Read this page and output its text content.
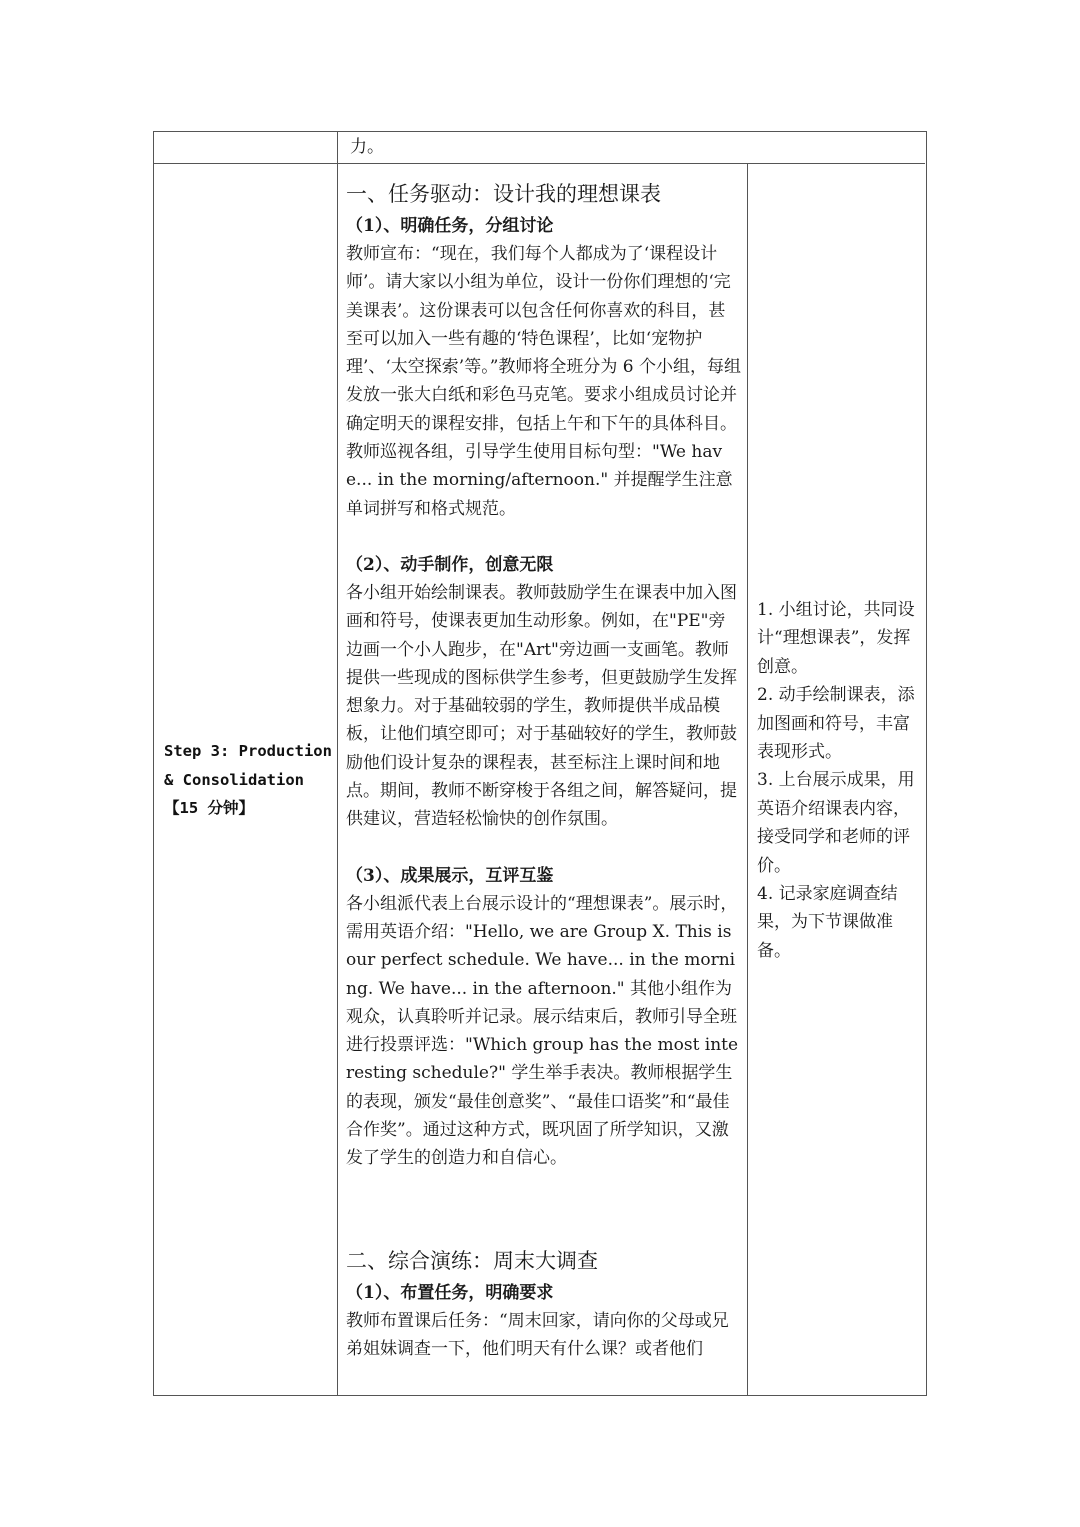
力。
Step 3: Production
& Consolidation
【15 分钟】

一、任务驱动：设计我的理想课表

（1）、明确任务，分组讨论

教师宣布：“现在，我们每个人都成为了‘课程设计师’。请大家以小组为单位，设计一份你们理想的‘完美课表’。这份课表可以包含任何你喜欢的科目，甚至可以加入一些有趣的‘特色课程’，比如‘宠物护理’、‘太空探索’等。”教师将全班分为 6 个小组，每组发放一张大白纸和彩色马克笔。要求小组成员讨论并确定明天的课程安排，包括上午和下午的具体科目。教师巡视各组，引导学生使用目标句型："We have... in the morning/afternoon." 并提醒学生注意单词拼写和格式规范。

（2）、动手制作，创意无限

各小组开始绘制课表。教师鼓励学生在课表中加入图画和符号，使课表更加生动形象。例如，在"PE"旁边画一个小人跑步，在"Art"旁边画一支画笔。教师提供一些现成的图标供学生参考，但更鼓励学生发挥想象力。对于基础较弱的学生，教师提供半成品模板，让他们填空即可；对于基础较好的学生，教师鼓励他们设计复杂的课程表，甚至标注上课时间和地点。期间，教师不断穿梭于各组之间，解答疑问，提供建议，营造轻松愉快的创作氛围。

（3）、成果展示，互评互鉴

各小组派代表上台展示设计的“理想课表”。展示时，需用英语介绍："Hello, we are Group X. This is our perfect schedule. We have... in the morning. We have... in the afternoon." 其他小组作为观众，认真聆听并记录。展示结束后，教师引导全班进行投票评选："Which group has the most interesting schedule?" 学生举手表决。教师根据学生的表现，颁发“最佳创意奖”、“最佳口语奖”和“最佳合作奖”。通过这种方式，既巩固了所学知识，又激发了学生的创造力和自信心。

二、综合演练：周末大调查

（1）、布置任务，明确要求

教师布置课后任务：“周末回家，请向你的父母或兄弟姐妹调查一下，他们明天有什么课？或者他们

1. 小组讨论，共同设计“理想课表”，发挥创意。

2. 动手绘制课表，添加图画和符号，丰富表现形式。

3. 上台展示成果，用英语介绍课表内容，接受同学和老师的评价。

4. 记录家庭调查结果，为下节课做准备。
